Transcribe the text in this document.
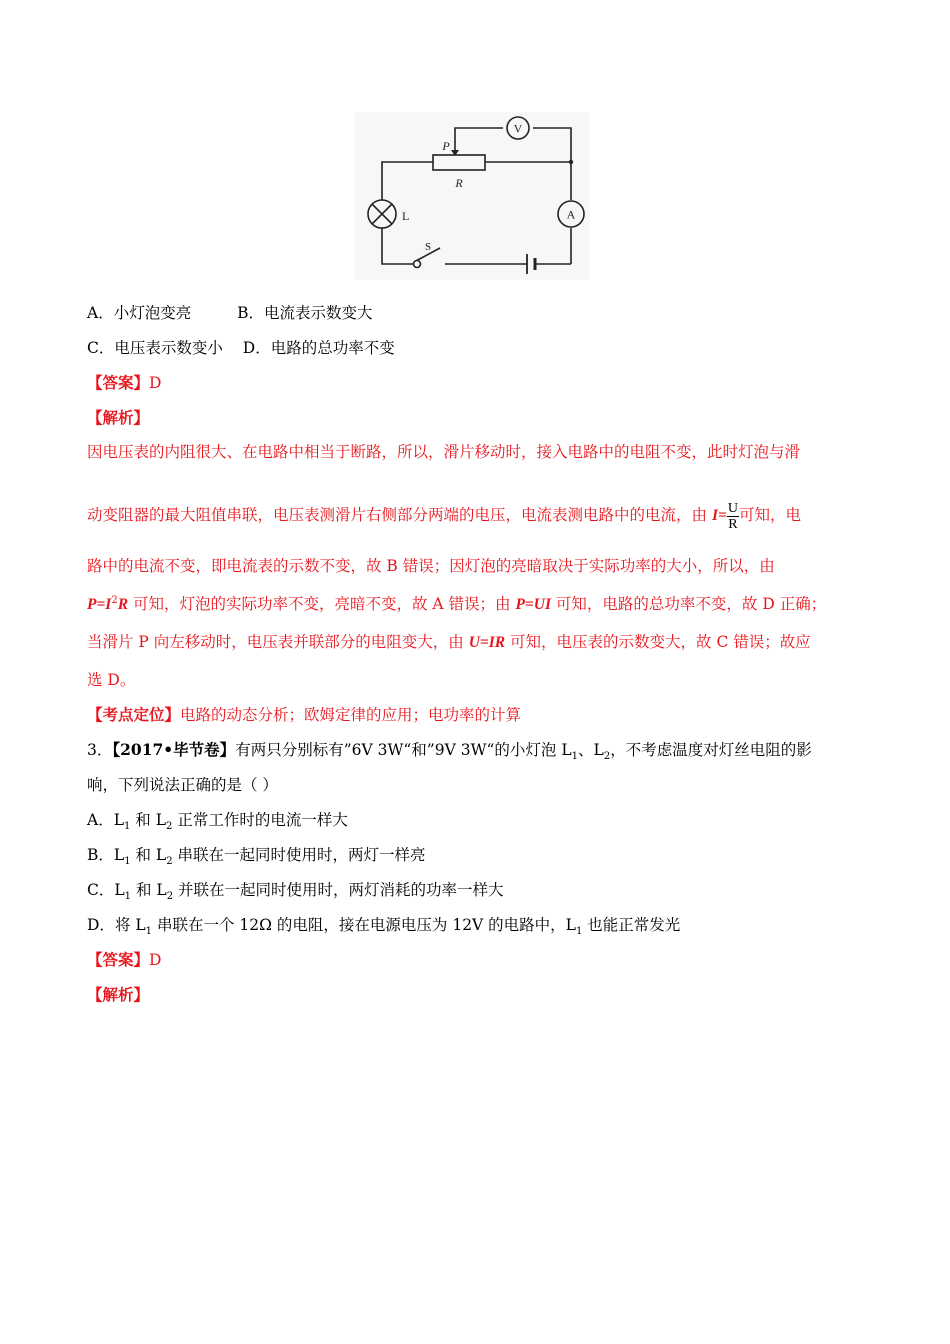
V
A
P
R
L
S
A．小灯泡变亮	B．电流表示数变大
C．电压表示数变小 D．电路的总功率不变
【答案】D
【解析】
因电压表的内阻很大、在电路中相当于断路，所以，滑片移动时，接入电路中的电阻不变，此时灯泡与滑
动变阻器的最大阻值串联，电压表测滑片右侧部分两端的电压，电流表测电路中的电流，由 $I= \frac{U}{R}$ 可知，电
路中的电流不变，即电流表的示数不变，故 B 错误；因灯泡的亮暗取决于实际功率的大小，所以，由
$P=I^2R$ 可知，灯泡的实际功率不变，亮暗不变，故 A 错误；由 P=UI 可知，电路的总功率不变，故 D 正确；
当滑片 P 向左移动时，电压表并联部分的电阻变大，由 U=IR 可知，电压表的示数变大，故 C 错误；故应
选 D。
【考点定位】电路的动态分析；欧姆定律的应用；电功率的计算
3．【2017•毕节卷】有两只分别标有”6V 3W“和”9V 3W“的小灯泡 $L_1$、$L_2$，不考虑温度对灯丝电阻的影
响，下列说法正确的是（ ）
A．$L_1$ 和 $L_2$ 正常工作时的电流一样大
B．$L_1$ 和 $L_2$ 串联在一起同时使用时，两灯一样亮
C．$L_1$ 和 $L_2$ 并联在一起同时使用时，两灯消耗的功率一样大
D．将 $L_1$ 串联在一个 12Ω 的电阻，接在电源电压为 12V 的电路中，$L_1$ 也能正常发光
【答案】D
【解析】
